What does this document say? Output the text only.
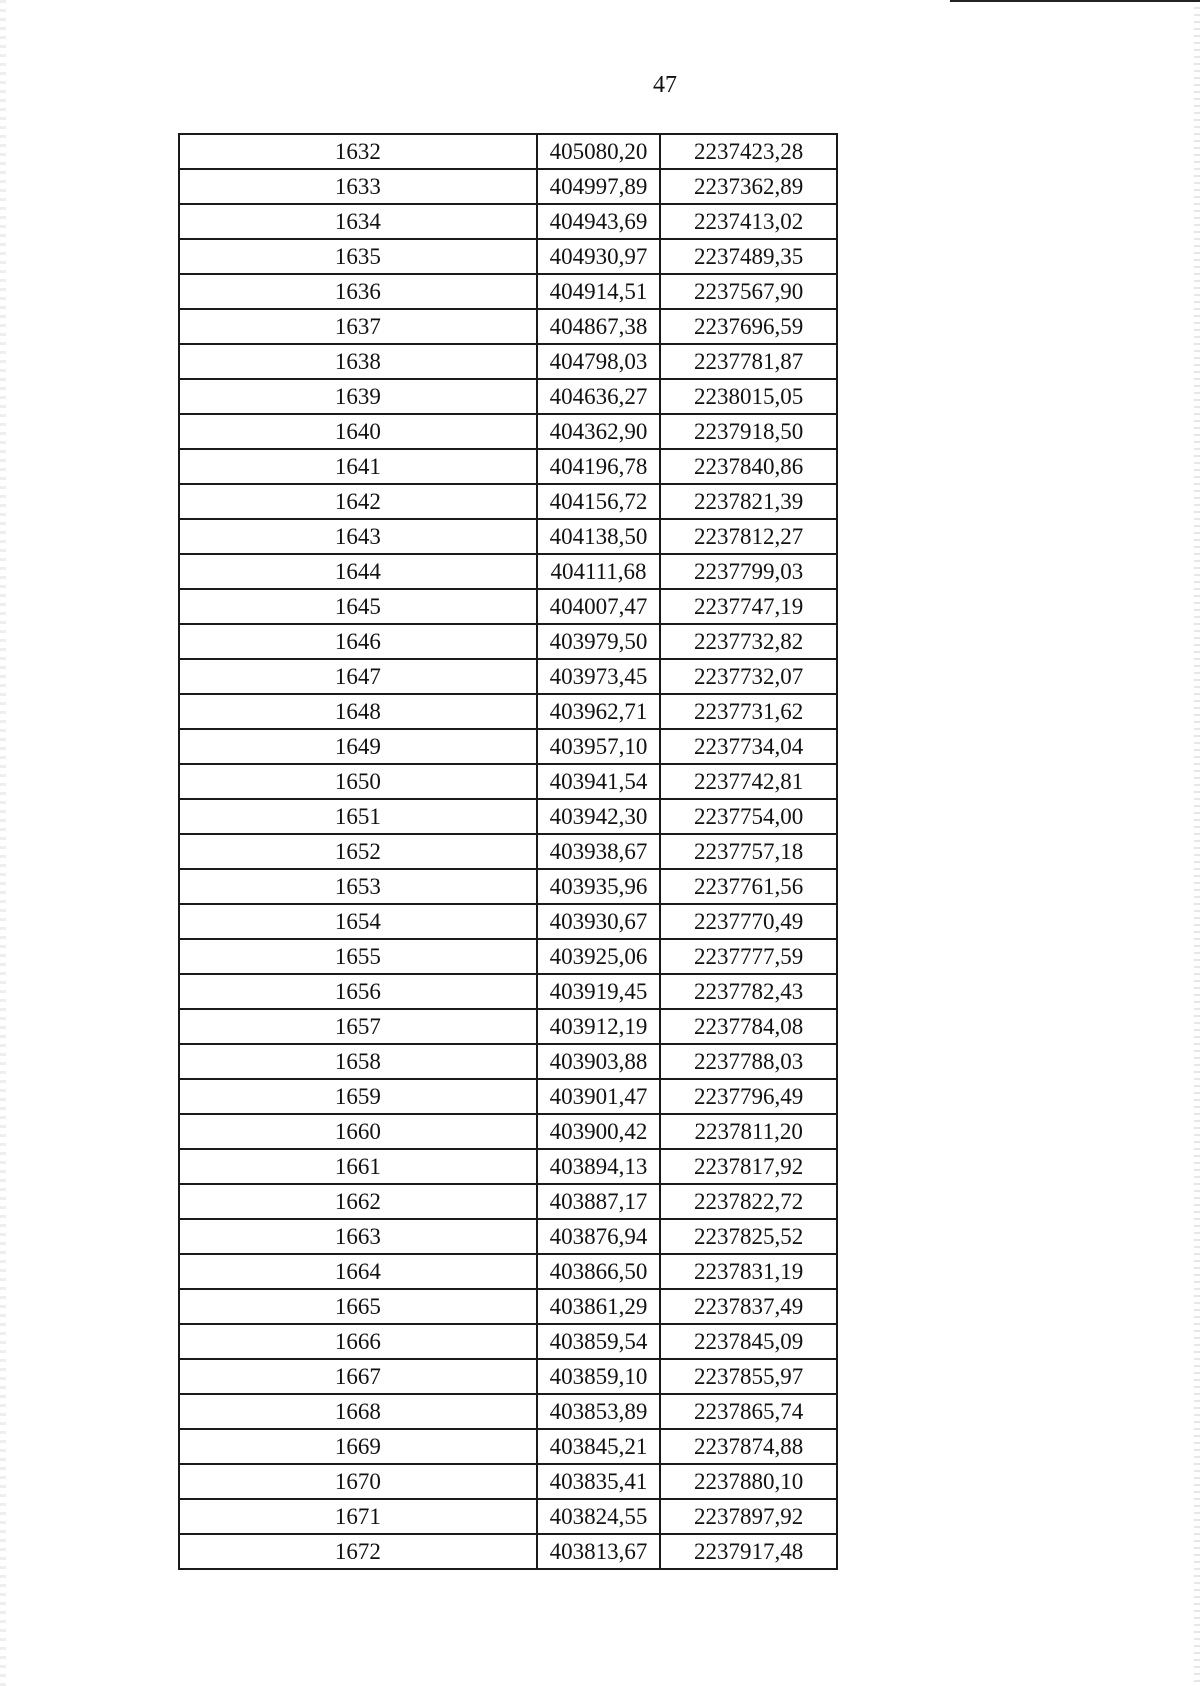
47
1632	405080,20	2237423,28
1633	404997,89	2237362,89
1634	404943,69	2237413,02
1635	404930,97	2237489,35
1636	404914,51	2237567,90
1637	404867,38	2237696,59
1638	404798,03	2237781,87
1639	404636,27	2238015,05
1640	404362,90	2237918,50
1641	404196,78	2237840,86
1642	404156,72	2237821,39
1643	404138,50	2237812,27
1644	404111,68	2237799,03
1645	404007,47	2237747,19
1646	403979,50	2237732,82
1647	403973,45	2237732,07
1648	403962,71	2237731,62
1649	403957,10	2237734,04
1650	403941,54	2237742,81
1651	403942,30	2237754,00
1652	403938,67	2237757,18
1653	403935,96	2237761,56
1654	403930,67	2237770,49
1655	403925,06	2237777,59
1656	403919,45	2237782,43
1657	403912,19	2237784,08
1658	403903,88	2237788,03
1659	403901,47	2237796,49
1660	403900,42	2237811,20
1661	403894,13	2237817,92
1662	403887,17	2237822,72
1663	403876,94	2237825,52
1664	403866,50	2237831,19
1665	403861,29	2237837,49
1666	403859,54	2237845,09
1667	403859,10	2237855,97
1668	403853,89	2237865,74
1669	403845,21	2237874,88
1670	403835,41	2237880,10
1671	403824,55	2237897,92
1672	403813,67	2237917,48
